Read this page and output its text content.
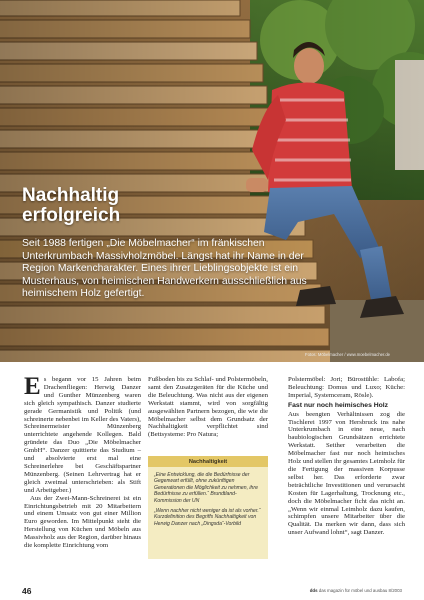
Nachhaltig
erfolgreich
Seit 1988 fertigen „Die Möbelmacher“ im fränkischen Unterkrumbach Massivholzmöbel. Längst hat ihr Name in der Region Markencharakter. Eines ihrer Lieblingsobjekte ist ein Musterhaus, von heimischen Handwerkern ausschließlich aus heimischem Holz gefertigt.
Fotos: Möbelmacher / www.moebelmacher.de

Es begann vor 15 Jahren beim Drachenfliegen: Herwig Danzer und Gunther Münzenberg waren sich gleich sympathisch. Danzer studierte gerade Germanistik und Politik (und schreinerte nebenbei im Keller des Vaters), Schreinermeister Münzenberg unterrichtete angehende Kollegen. Bald gründete das Duo „Die Möbelmacher GmbH“. Danzer quittierte das Studium – und absolvierte erst mal eine Schreinerlehre bei Geschäftspartner Münzenberg. (Seinen Lehrvertrag hat er gleich zweimal unterschrieben: als Stift und Arbeitgeber.)

Aus der Zwei-Mann-Schreinerei ist ein Einrichtungsbetrieb mit 20 Mitarbeitern und einem Umsatz von gut einer Million Euro geworden. Im Mittelpunkt steht die Herstellung von Küchen und Möbeln aus Massivholz aus der Region, darüber hinaus die komplette Einrichtung vom

Fußboden bis zu Schlaf- und Polstermöbeln, samt den Zusatzgeräten für die Küche und die Beleuchtung. Was nicht aus der eigenen Werkstatt stammt, wird von sorgfältig ausgewählten Partnern bezogen, die wie die Möbelmacher selbst dem Grundsatz der Nachhaltigkeit verpflichtet sind (Bettsysteme: Pro Natura;

Nachhaltigkeit

„Eine Entwicklung, die die Bedürfnisse der Gegenwart erfüllt, ohne zukünftigen Generationen die Möglichkeit zu nehmen, ihre Bedürfnisse zu erfüllen.“ Brundtland-Kommission der UN

„Wenn nachher nicht weniger da ist als vorher.“ Kurzdefinition des Begriffs Nachhaltigkeit von Herwig Danzer nach „Dingsda“-Vorbild

Polstermöbel: Jori; Bürostühle: Labofa; Beleuchtung: Domus und Luxo; Küche: Imperial, Systemceram, Rösle).

Fast nur noch heimisches Holz

Aus beengten Verhältnissen zog die Tischlerei 1997 von Hersbruck ins nahe Unterkrumbach in eine neue, nach baubiologischen Grundsätzen errichtete Werkstatt. Seither verarbeiten die Möbelmacher fast nur noch heimisches Holz und stellen ihr gesamtes Leimholz für die Fertigung der massiven Korpusse selbst her. Das erforderte zwar beträchtliche Investitionen und verursacht Kosten für Lagerhaltung, Trocknung etc., doch die Möbelmacher ficht das nicht an. „Wenn wir einmal Leimholz dazu kaufen, schimpfen unsere Mitarbeiter über die Qualität. Da merken wir dann, dass sich unser Aufwand lohnt“, sagt Danzer.

46	dds das magazin für möbel und ausbau 8/2003
